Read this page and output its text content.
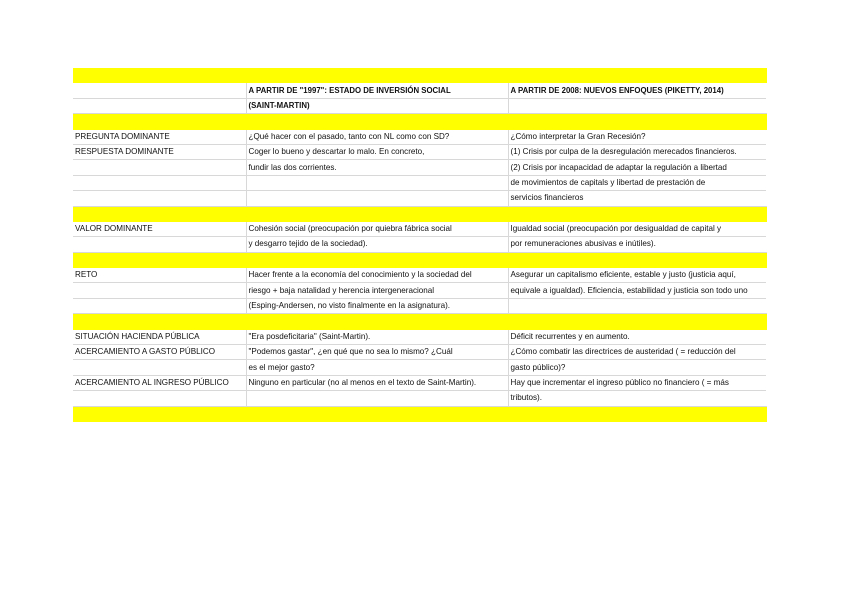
	A PARTIR DE "1997": ESTADO DE INVERSIÓN SOCIAL	A PARTIR DE 2008: NUEVOS ENFOQUES (PIKETTY, 2014)
	(SAINT-MARTIN)	

PREGUNTA DOMINANTE	¿Qué hacer con el pasado, tanto con NL como con SD?	¿Cómo interpretar la Gran Recesión?
RESPUESTA DOMINANTE	Coger lo bueno y descartar lo malo. En concreto,	(1) Crisis por culpa de la desregulación merecados financieros.
	fundir las dos corrientes.	(2) Crisis por incapacidad de adaptar la regulación a libertad
		de movimientos de capitals y libertad de prestación de
		servicios financieros

VALOR DOMINANTE	Cohesión social (preocupación por quiebra fábrica social	Igualdad social (preocupación por desigualdad de capital y
	y desgarro tejido de la sociedad).	por remuneraciones abusivas e inútiles).

RETO	Hacer frente a la economía del conocimiento y la sociedad del	Asegurar un capitalismo eficiente, estable y justo (justicia aquí,
	riesgo + baja natalidad y herencia intergeneracional	equivale a igualdad). Eficiencia, estabilidad y justicia son todo uno
	(Esping-Andersen, no visto finalmente en la asignatura).	

SITUACIÓN HACIENDA PÚBLICA	"Era posdeficitaria" (Saint-Martin).	Déficit recurrentes y en aumento.
ACERCAMIENTO A GASTO PÚBLICO	"Podemos gastar", ¿en qué que no sea lo mismo? ¿Cuál	¿Cómo combatir las directrices de austeridad ( = reducción del
	es el mejor gasto?	gasto público)?
ACERCAMIENTO AL INGRESO PÚBLICO	Ninguno en particular (no al menos en el texto de Saint-Martin).	Hay que incrementar el ingreso público no financiero ( = más
		tributos).
